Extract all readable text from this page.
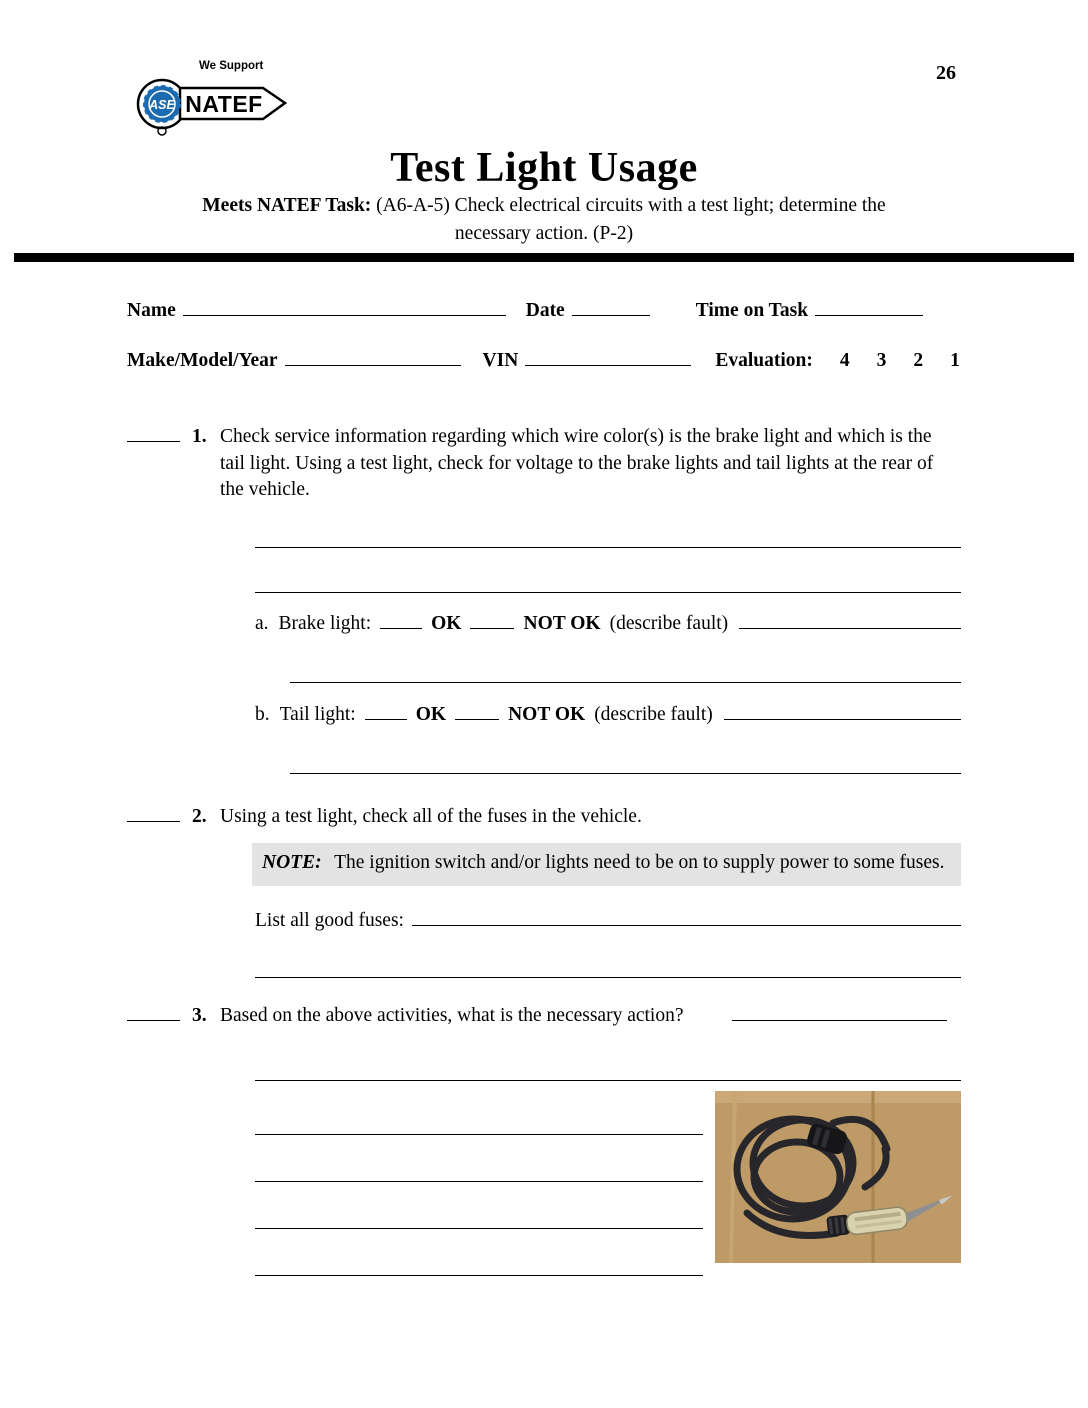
26
We Support
ASE NATEF
Test Light Usage
Meets NATEF Task: (A6-A-5) Check electrical circuits with a test light; determine the
necessary action. (P-2)
Name	Date	Time on Task
Make/Model/Year	VIN	Evaluation: 4 3 2 1
1. Check service information regarding which wire color(s) is the brake light and which is the tail light. Using a test light, check for voltage to the brake lights and tail lights at the rear of the vehicle.
a. Brake light:	OK	NOT OK (describe fault)
b. Tail light:	OK	NOT OK (describe fault)
2. Using a test light, check all of the fuses in the vehicle.
NOTE: The ignition switch and/or lights need to be on to supply power to some fuses.
List all good fuses:
3. Based on the above activities, what is the necessary action?
